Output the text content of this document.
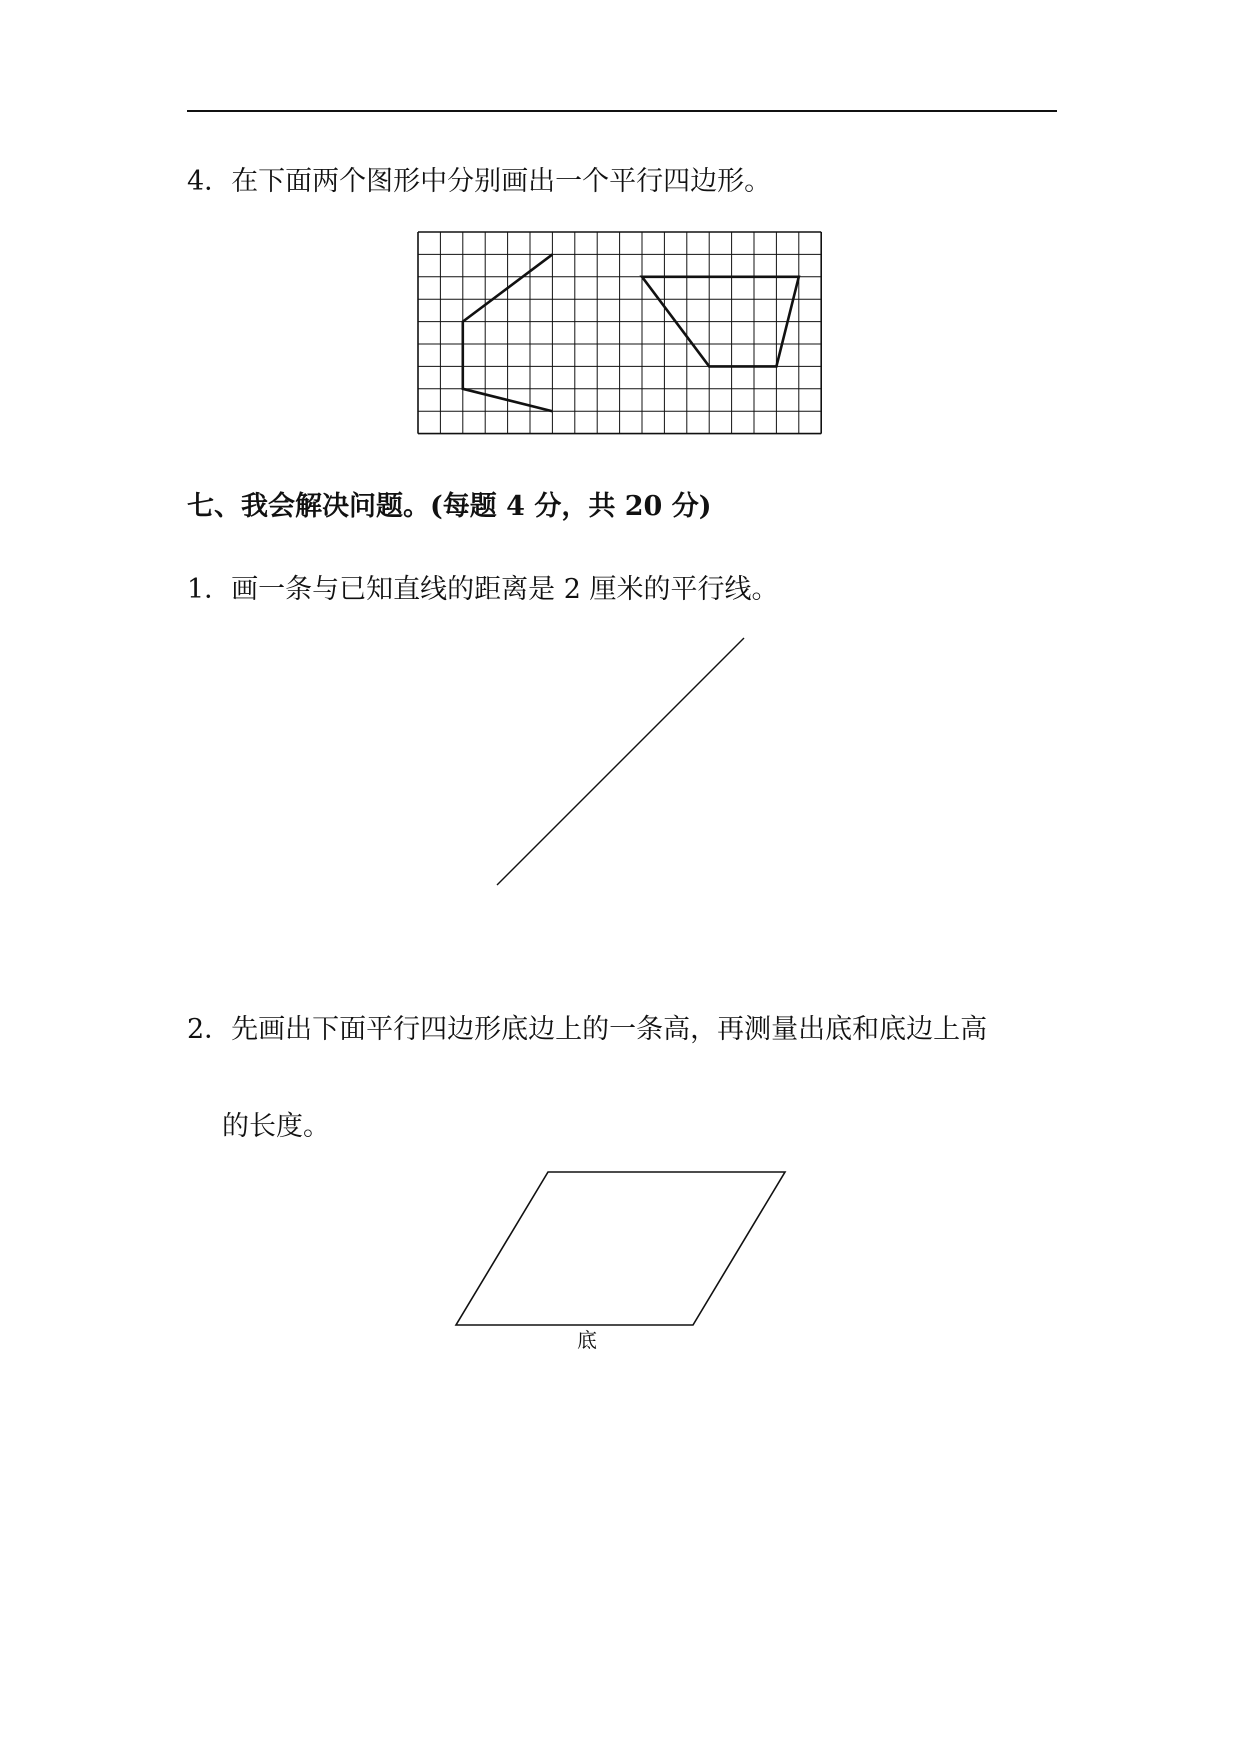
4．在下面两个图形中分别画出一个平行四边形。
底
七、我会解决问题。(每题 4 分，共 20 分)
1．画一条与已知直线的距离是 2 厘米的平行线。
2．先画出下面平行四边形底边上的一条高，再测量出底和底边上高
的长度。
